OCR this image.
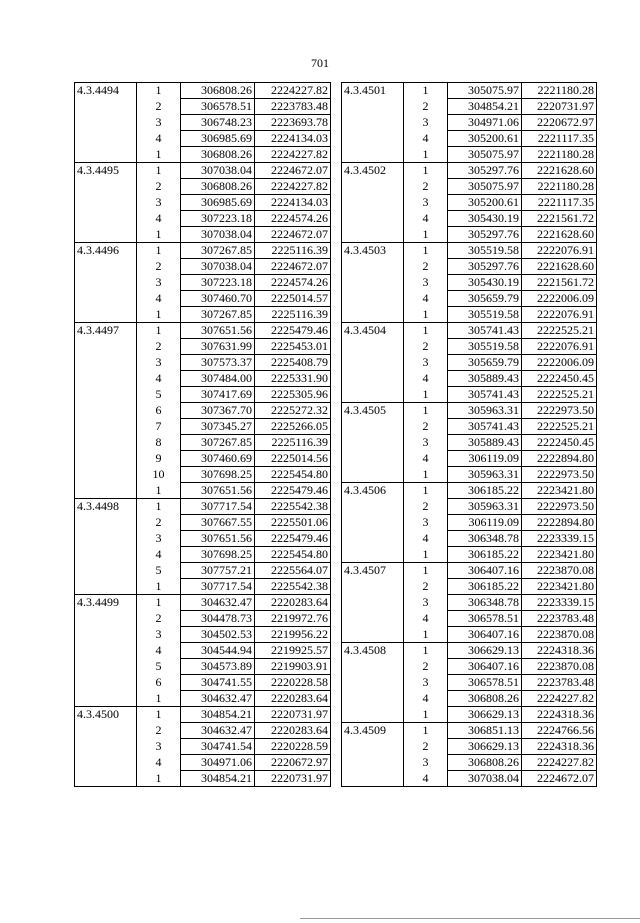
701
4.3.4494	1	306808.26	2224227.82
	2	306578.51	2223783.48
	3	306748.23	2223693.78
	4	306985.69	2224134.03
	1	306808.26	2224227.82
4.3.4495	1	307038.04	2224672.07
	2	306808.26	2224227.82
	3	306985.69	2224134.03
	4	307223.18	2224574.26
	1	307038.04	2224672.07
4.3.4496	1	307267.85	2225116.39
	2	307038.04	2224672.07
	3	307223.18	2224574.26
	4	307460.70	2225014.57
	1	307267.85	2225116.39
4.3.4497	1	307651.56	2225479.46
	2	307631.99	2225453.01
	3	307573.37	2225408.79
	4	307484.00	2225331.90
	5	307417.69	2225305.96
	6	307367.70	2225272.32
	7	307345.27	2225266.05
	8	307267.85	2225116.39
	9	307460.69	2225014.56
	10	307698.25	2225454.80
	1	307651.56	2225479.46
4.3.4498	1	307717.54	2225542.38
	2	307667.55	2225501.06
	3	307651.56	2225479.46
	4	307698.25	2225454.80
	5	307757.21	2225564.07
	1	307717.54	2225542.38
4.3.4499	1	304632.47	2220283.64
	2	304478.73	2219972.76
	3	304502.53	2219956.22
	4	304544.94	2219925.57
	5	304573.89	2219903.91
	6	304741.55	2220228.58
	1	304632.47	2220283.64
4.3.4500	1	304854.21	2220731.97
	2	304632.47	2220283.64
	3	304741.54	2220228.59
	4	304971.06	2220672.97
	1	304854.21	2220731.97
4.3.4501	1	305075.97	2221180.28
	2	304854.21	2220731.97
	3	304971.06	2220672.97
	4	305200.61	2221117.35
	1	305075.97	2221180.28
4.3.4502	1	305297.76	2221628.60
	2	305075.97	2221180.28
	3	305200.61	2221117.35
	4	305430.19	2221561.72
	1	305297.76	2221628.60
4.3.4503	1	305519.58	2222076.91
	2	305297.76	2221628.60
	3	305430.19	2221561.72
	4	305659.79	2222006.09
	1	305519.58	2222076.91
4.3.4504	1	305741.43	2222525.21
	2	305519.58	2222076.91
	3	305659.79	2222006.09
	4	305889.43	2222450.45
	1	305741.43	2222525.21
4.3.4505	1	305963.31	2222973.50
	2	305741.43	2222525.21
	3	305889.43	2222450.45
	4	306119.09	2222894.80
	1	305963.31	2222973.50
4.3.4506	1	306185.22	2223421.80
	2	305963.31	2222973.50
	3	306119.09	2222894.80
	4	306348.78	2223339.15
	1	306185.22	2223421.80
4.3.4507	1	306407.16	2223870.08
	2	306185.22	2223421.80
	3	306348.78	2223339.15
	4	306578.51	2223783.48
	1	306407.16	2223870.08
4.3.4508	1	306629.13	2224318.36
	2	306407.16	2223870.08
	3	306578.51	2223783.48
	4	306808.26	2224227.82
	1	306629.13	2224318.36
4.3.4509	1	306851.13	2224766.56
	2	306629.13	2224318.36
	3	306808.26	2224227.82
	4	307038.04	2224672.07
